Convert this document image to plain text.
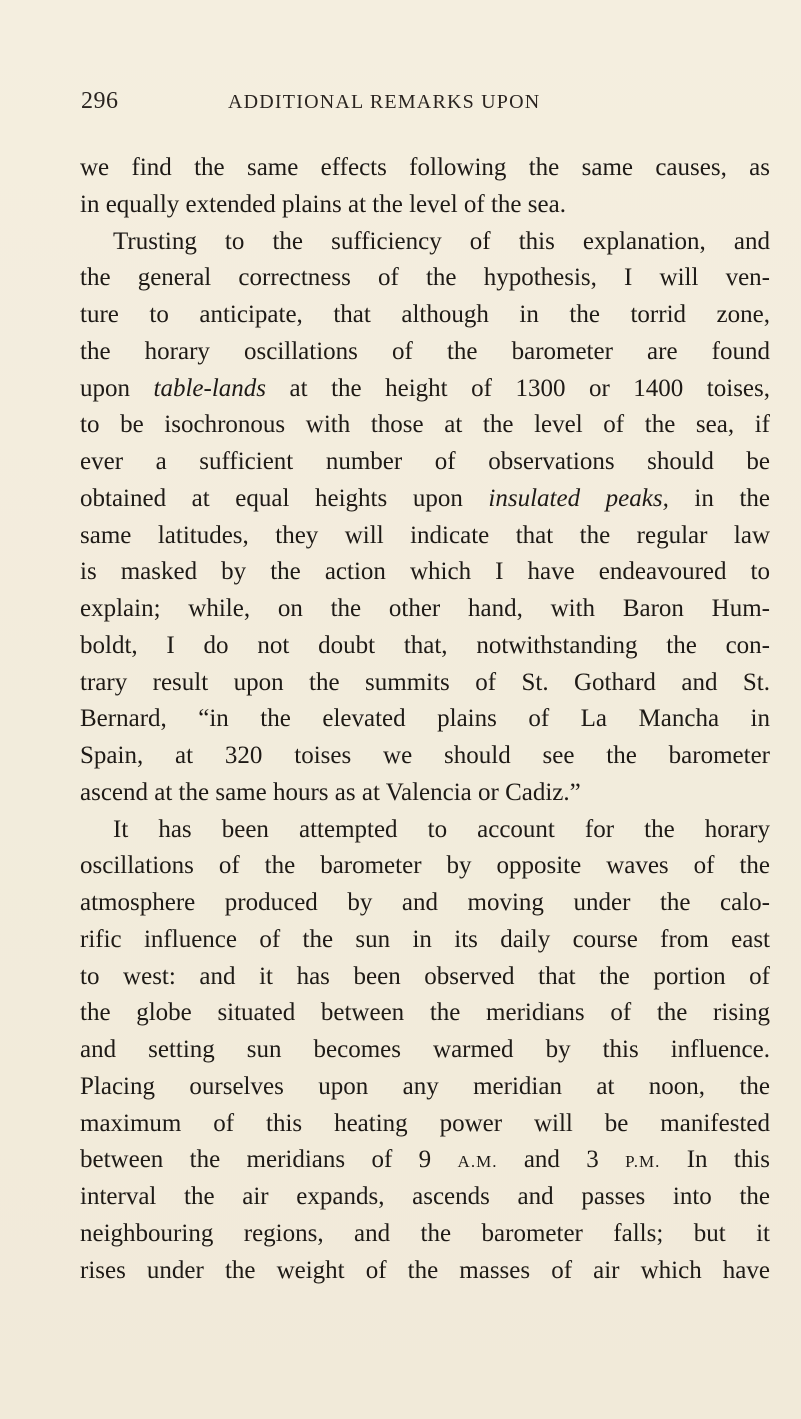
296	ADDITIONAL REMARKS UPON
we find the same effects following the same causes, as
in equally extended plains at the level of the sea.
Trusting to the sufficiency of this explanation, and
the general correctness of the hypothesis, I will ven-
ture to anticipate, that although in the torrid zone,
the horary oscillations of the barometer are found
upon table-lands at the height of 1300 or 1400 toises,
to be isochronous with those at the level of the sea, if
ever a sufficient number of observations should be
obtained at equal heights upon insulated peaks, in the
same latitudes, they will indicate that the regular law
is masked by the action which I have endeavoured to
explain; while, on the other hand, with Baron Hum-
boldt, I do not doubt that, notwithstanding the con-
trary result upon the summits of St. Gothard and St.
Bernard, “in the elevated plains of La Mancha in
Spain, at 320 toises we should see the barometer
ascend at the same hours as at Valencia or Cadiz.”
It has been attempted to account for the horary
oscillations of the barometer by opposite waves of the
atmosphere produced by and moving under the calo-
rific influence of the sun in its daily course from east
to west: and it has been observed that the portion of
the globe situated between the meridians of the rising
and setting sun becomes warmed by this influence.
Placing ourselves upon any meridian at noon, the
maximum of this heating power will be manifested
between the meridians of 9 A.M. and 3 P.M. In this
interval the air expands, ascends and passes into the
neighbouring regions, and the barometer falls; but it
rises under the weight of the masses of air which have
